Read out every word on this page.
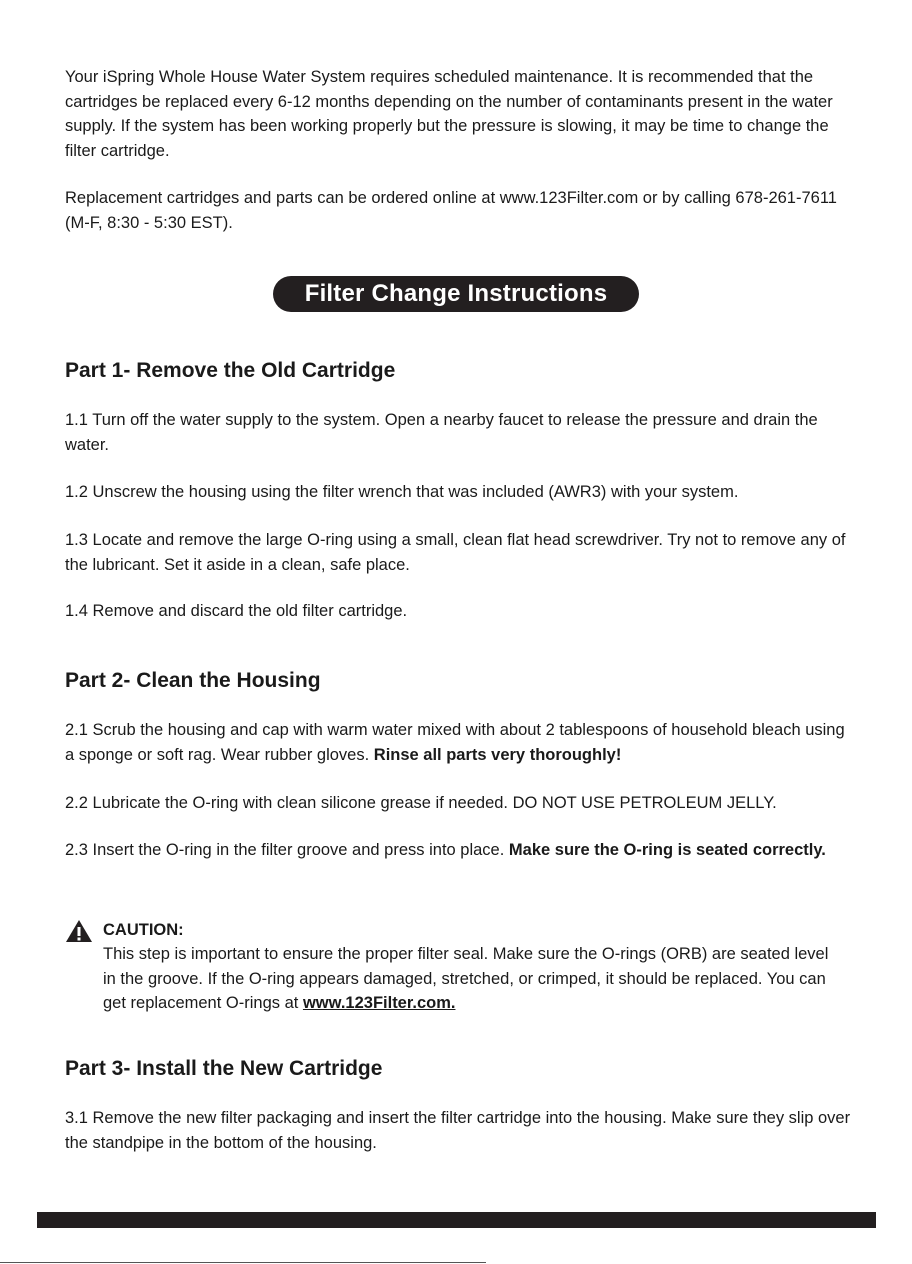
Your iSpring Whole House Water System requires scheduled maintenance. It is recommended that the cartridges be replaced every 6-12 months depending on the number of contaminants present in the water supply. If the system has been working properly but the pressure is slowing, it may be time to change the filter cartridge.

Replacement cartridges and parts can be ordered online at www.123Filter.com or by calling 678-261-7611 (M-F, 8:30 - 5:30 EST).

Filter Change Instructions
Part 1- Remove the Old Cartridge

1.1 Turn off the water supply to the system. Open a nearby faucet to release the pressure and drain the water.

1.2 Unscrew the housing using the filter wrench that was included (AWR3) with your system.

1.3 Locate and remove the large O-ring using a small, clean flat head screwdriver. Try not to remove any of the lubricant. Set it aside in a clean, safe place.

1.4 Remove and discard the old filter cartridge.

Part 2- Clean the Housing

2.1 Scrub the housing and cap with warm water mixed with about 2 tablespoons of household bleach using a sponge or soft rag. Wear rubber gloves. Rinse all parts very thoroughly!

2.2 Lubricate the O-ring with clean silicone grease if needed. DO NOT USE PETROLEUM JELLY.

2.3 Insert the O-ring in the filter groove and press into place. Make sure the O-ring is seated correctly.

CAUTION:

This step is important to ensure the proper filter seal. Make sure the O-rings (ORB) are seated level in the groove. If the O-ring appears damaged, stretched, or crimped, it should be replaced. You can get replacement O-rings at www.123Filter.com.

Part 3- Install the New Cartridge

3.1 Remove the new filter packaging and insert the filter cartridge into the housing. Make sure they slip over the standpipe in the bottom of the housing.
